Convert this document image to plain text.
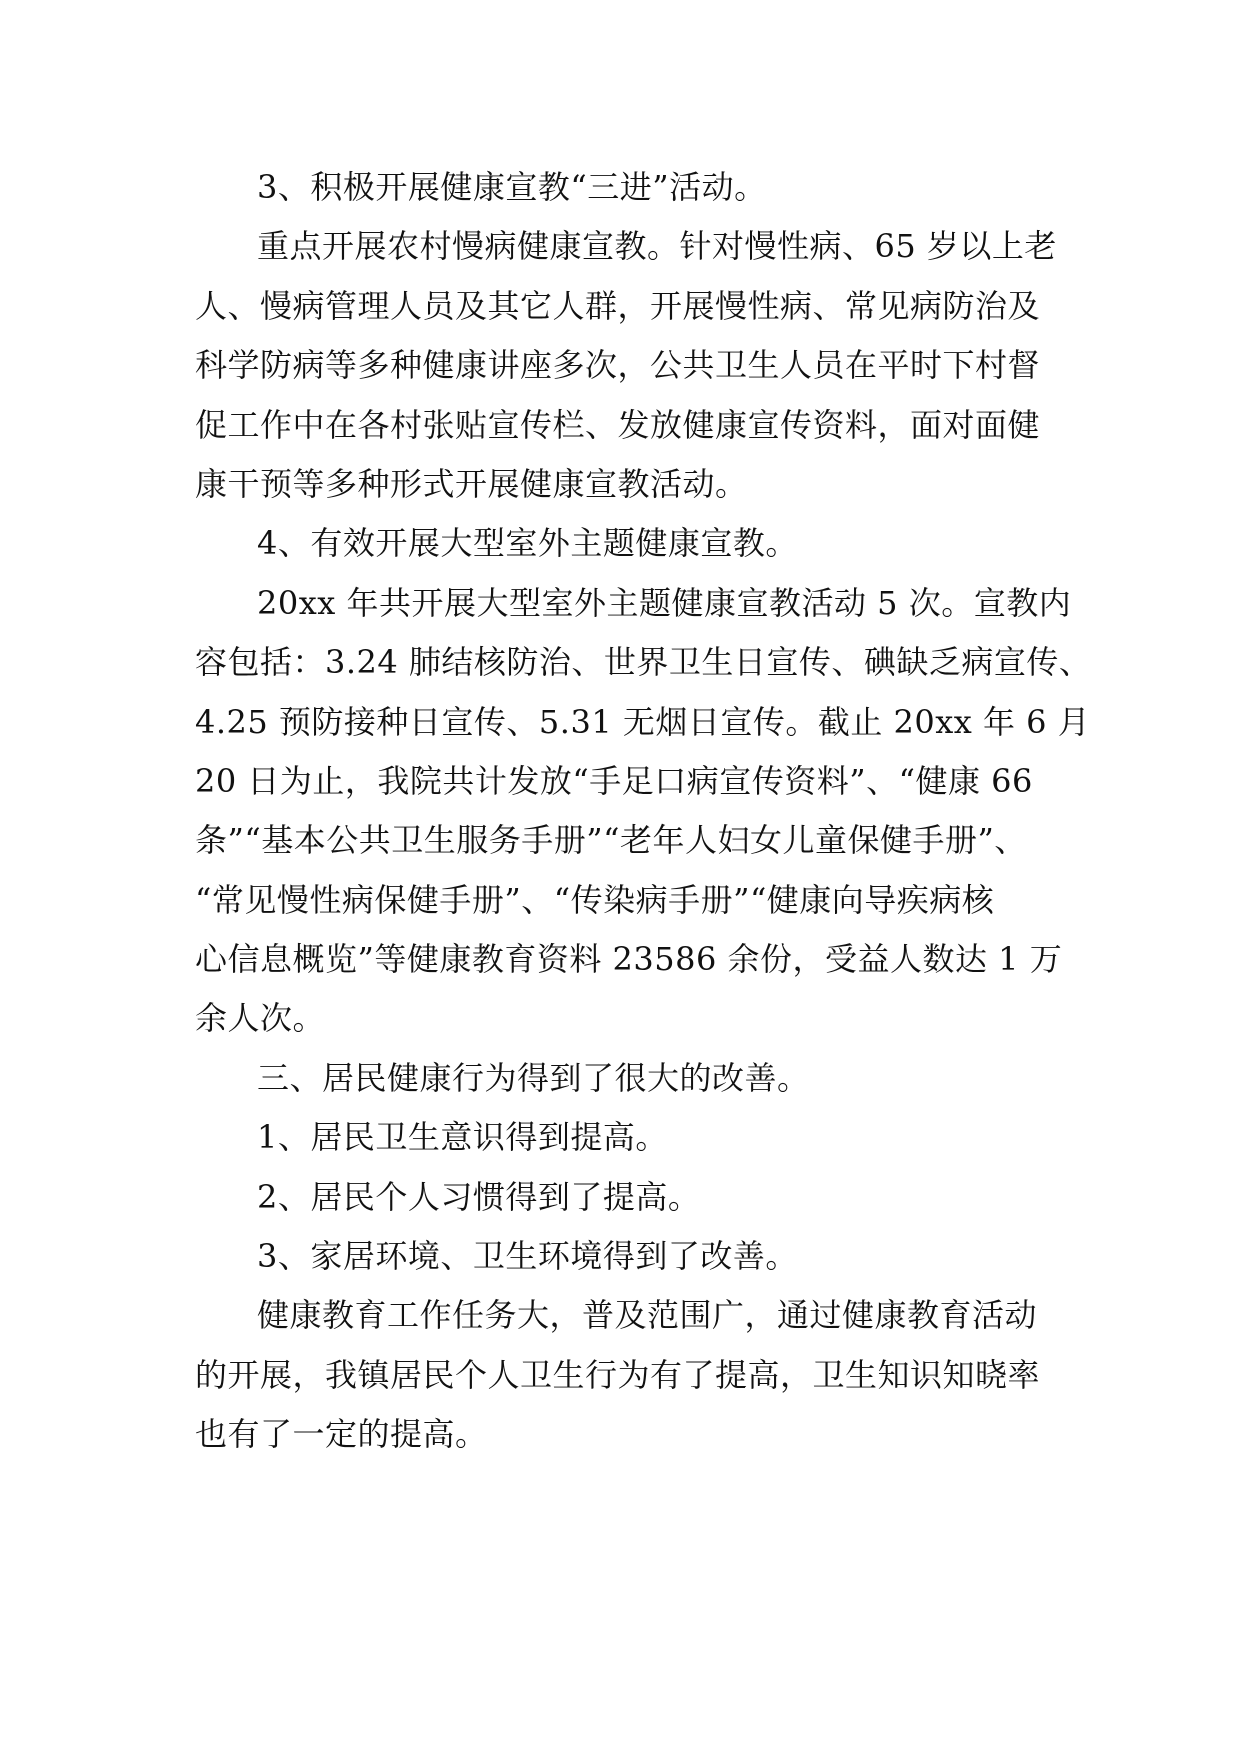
3、积极开展健康宣教“三进”活动。
重点开展农村慢病健康宣教。针对慢性病、65 岁以上老
人、慢病管理人员及其它人群，开展慢性病、常见病防治及
科学防病等多种健康讲座多次，公共卫生人员在平时下村督
促工作中在各村张贴宣传栏、发放健康宣传资料，面对面健
康干预等多种形式开展健康宣教活动。
4、有效开展大型室外主题健康宣教。
20xx 年共开展大型室外主题健康宣教活动 5 次。宣教内
容包括：3.24 肺结核防治、世界卫生日宣传、碘缺乏病宣传、
4.25 预防接种日宣传、5.31 无烟日宣传。截止 20xx 年 6 月
20 日为止，我院共计发放“手足口病宣传资料”、“健康 66
条”“基本公共卫生服务手册”“老年人妇女儿童保健手册”、
“常见慢性病保健手册”、“传染病手册”“健康向导疾病核
心信息概览”等健康教育资料 23586 余份，受益人数达 1 万
余人次。
三、居民健康行为得到了很大的改善。
1、居民卫生意识得到提高。
2、居民个人习惯得到了提高。
3、家居环境、卫生环境得到了改善。
健康教育工作任务大，普及范围广，通过健康教育活动
的开展，我镇居民个人卫生行为有了提高，卫生知识知晓率
也有了一定的提高。
